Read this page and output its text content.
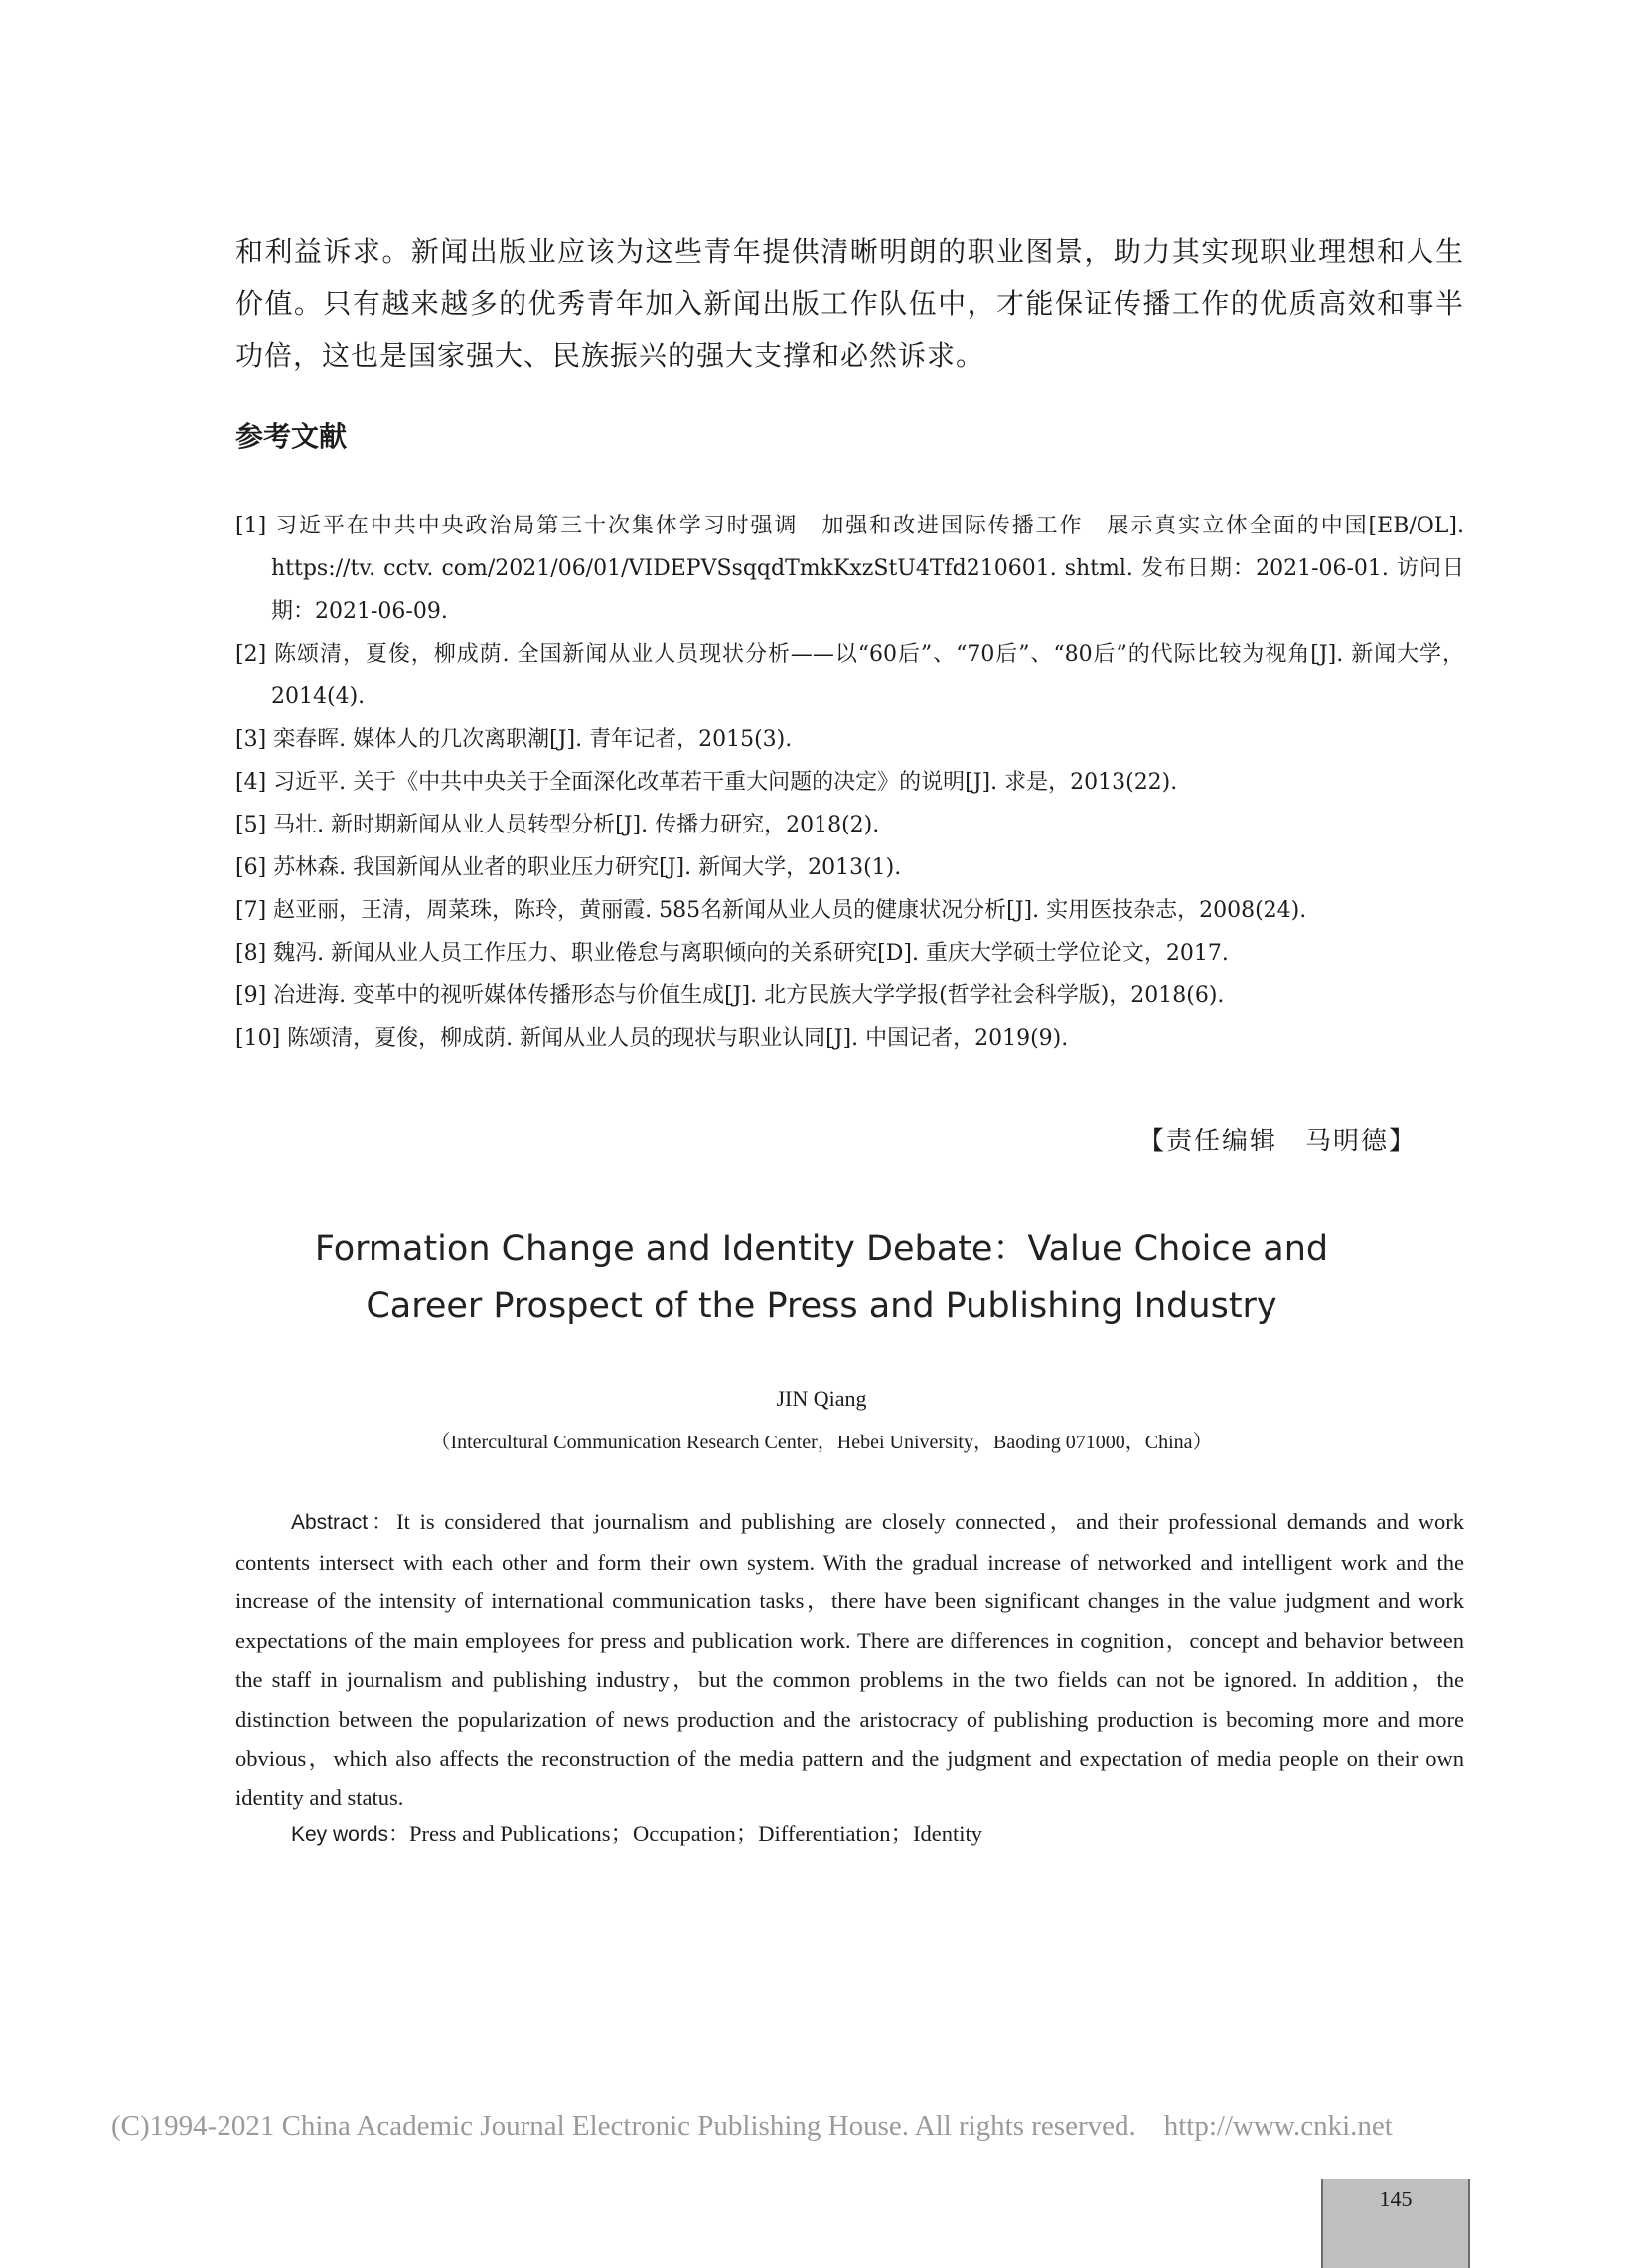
和利益诉求。新闻出版业应该为这些青年提供清晰明朗的职业图景，助力其实现职业理想和人生价值。只有越来越多的优秀青年加入新闻出版工作队伍中，才能保证传播工作的优质高效和事半功倍，这也是国家强大、民族振兴的强大支撑和必然诉求。

参考文献
[1] 习近平在中共中央政治局第三十次集体学习时强调　加强和改进国际传播工作　展示真实立体全面的中国[EB/OL]. https://tv. cctv. com/2021/06/01/VIDEPVSsqqdTmkKxzStU4Tfd210601. shtml. 发布日期：2021-06-01. 访问日期：2021-06-09.
[2] 陈颂清，夏俊，柳成荫. 全国新闻从业人员现状分析——以“60后”、“70后”、“80后”的代际比较为视角[J]. 新闻大学，2014(4).
[3] 栾春晖. 媒体人的几次离职潮[J]. 青年记者，2015(3).
[4] 习近平. 关于《中共中央关于全面深化改革若干重大问题的决定》的说明[J]. 求是，2013(22).
[5] 马壮. 新时期新闻从业人员转型分析[J]. 传播力研究，2018(2).
[6] 苏林森. 我国新闻从业者的职业压力研究[J]. 新闻大学，2013(1).
[7] 赵亚丽，王清，周菜珠，陈玲，黄丽霞. 585名新闻从业人员的健康状况分析[J]. 实用医技杂志，2008(24).
[8] 魏冯. 新闻从业人员工作压力、职业倦怠与离职倾向的关系研究[D]. 重庆大学硕士学位论文，2017.
[9] 冶进海. 变革中的视听媒体传播形态与价值生成[J]. 北方民族大学学报(哲学社会科学版)，2018(6).
[10] 陈颂清，夏俊，柳成荫. 新闻从业人员的现状与职业认同[J]. 中国记者，2019(9).
【责任编辑　马明德】
Formation Change and Identity Debate：Value Choice and
Career Prospect of the Press and Publishing Industry
JIN Qiang
（Intercultural Communication Research Center，Hebei University，Baoding 071000，China）

Abstract：It is considered that journalism and publishing are closely connected，and their professional demands and work contents intersect with each other and form their own system. With the gradual increase of networked and intelligent work and the increase of the intensity of international communication tasks，there have been significant changes in the value judgment and work expectations of the main employees for press and publication work. There are differences in cognition，concept and behavior between the staff in journalism and publishing industry，but the common problems in the two fields can not be ignored. In addition，the distinction between the popularization of news production and the aristocracy of publishing production is becoming more and more obvious，which also affects the reconstruction of the media pattern and the judgment and expectation of media people on their own identity and status.

Key words：Press and Publications；Occupation；Differentiation；Identity

(C)1994-2021 China Academic Journal Electronic Publishing House. All rights reserved. http://www.cnki.net
145
